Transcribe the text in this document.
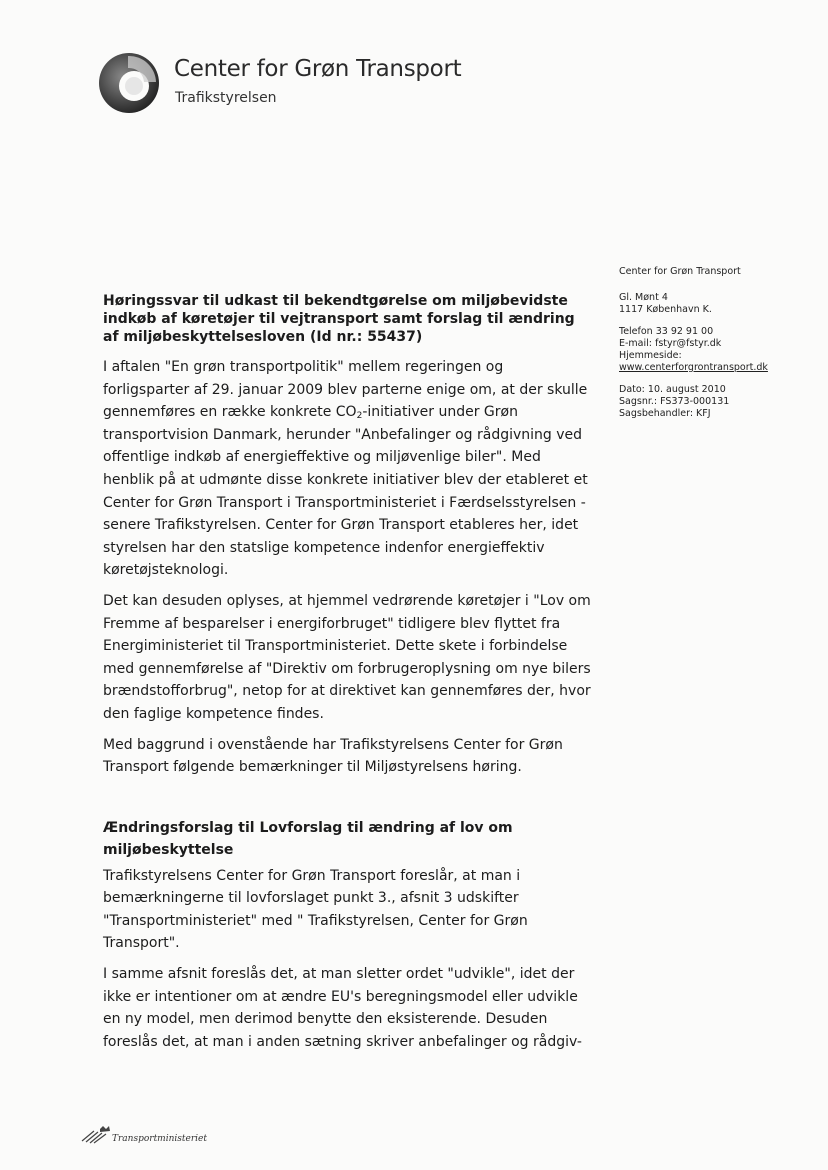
Center for Grøn Transport
Trafikstyrelsen
Center for Grøn Transport
Gl. Mønt 4
1117 København K.
Telefon 33 92 91 00
E-mail: fstyr@fstyr.dk
Hjemmeside:
www.centerforgrontransport.dk
Dato: 10. august 2010
Sagsnr.: FS373-000131
Sagsbehandler: KFJ
Høringssvar til udkast til bekendtgørelse om miljøbevidste indkøb af køretøjer til vejtransport samt forslag til ændring af miljøbeskyttelsesloven (Id nr.: 55437)

I aftalen "En grøn transportpolitik" mellem regeringen og forligsparter af 29. januar 2009 blev parterne enige om, at der skulle gennemføres en række konkrete $CO_2$-initiativer under Grøn transportvision Danmark, herunder "Anbefalinger og rådgivning ved offentlige indkøb af energieffektive og miljøvenlige biler". Med henblik på at udmønte disse konkrete initiativer blev der etableret et Center for Grøn Transport i Transportministeriet i Færdselsstyrelsen - senere Trafikstyrelsen. Center for Grøn Transport etableres her, idet styrelsen har den statslige kompetence indenfor energieffektiv køretøjsteknologi.

Det kan desuden oplyses, at hjemmel vedrørende køretøjer i "Lov om Fremme af besparelser i energiforbruget" tidligere blev flyttet fra Energiministeriet til Transportministeriet. Dette skete i forbindelse med gennemførelse af "Direktiv om forbrugeroplysning om nye bilers brændstofforbrug", netop for at direktivet kan gennemføres der, hvor den faglige kompetence findes.

Med baggrund i ovenstående har Trafikstyrelsens Center for Grøn Transport følgende bemærkninger til Miljøstyrelsens høring.

Ændringsforslag til Lovforslag til ændring af lov om miljøbeskyttelse

Trafikstyrelsens Center for Grøn Transport foreslår, at man i bemærkningerne til lovforslaget punkt 3., afsnit 3 udskifter "Transportministeriet" med " Trafikstyrelsen, Center for Grøn Transport".

I samme afsnit foreslås det, at man sletter ordet "udvikle", idet der ikke er intentioner om at ændre EU's beregningsmodel eller udvikle en ny model, men derimod benytte den eksisterende. Desuden foreslås det, at man i anden sætning skriver anbefalinger og rådgiv-

Transportministeriet
